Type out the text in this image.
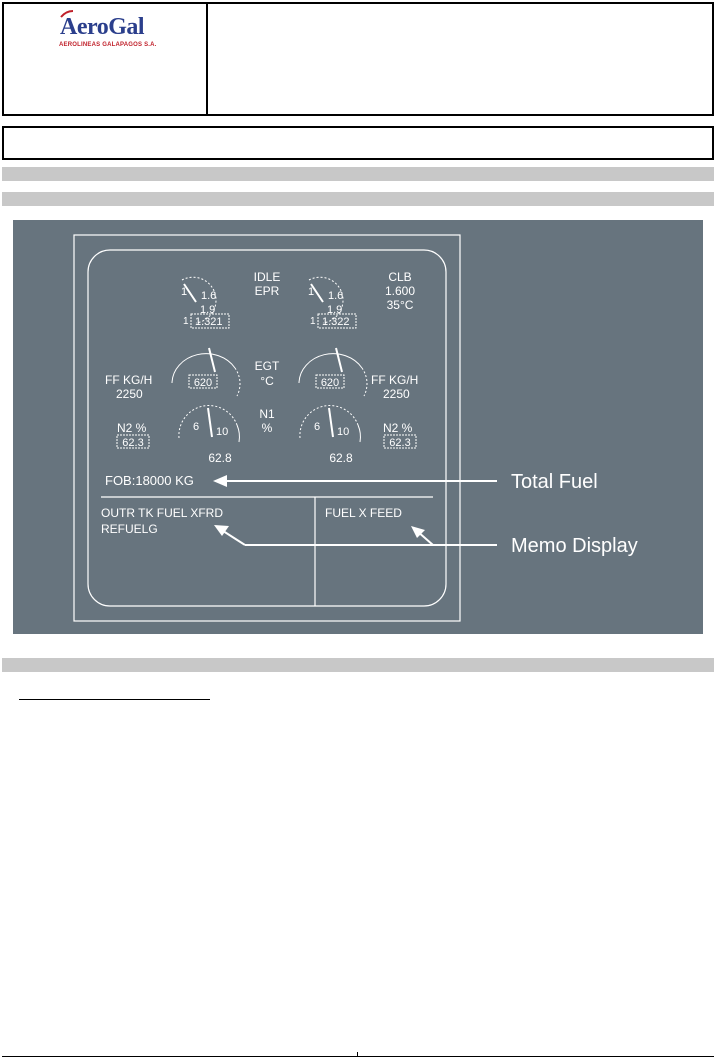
AeroGal
AEROLINEAS GALAPAGOS S.A.
1 1.6
1.9
1 1.321
1 1.6
1.9
1 1.322
IDLE
EPR
CLB
1.600
35°C
620	620
EGT
°C
FF KG/H
2250
FF KG/H
2250
6 10
62.8
6 10
62.8
N1
%
N2 %
62.3
N2 %
62.3
FOB:18000 KG
OUTR TK FUEL XFRD
REFUELG
FUEL X FEED
Total Fuel
Memo Display
